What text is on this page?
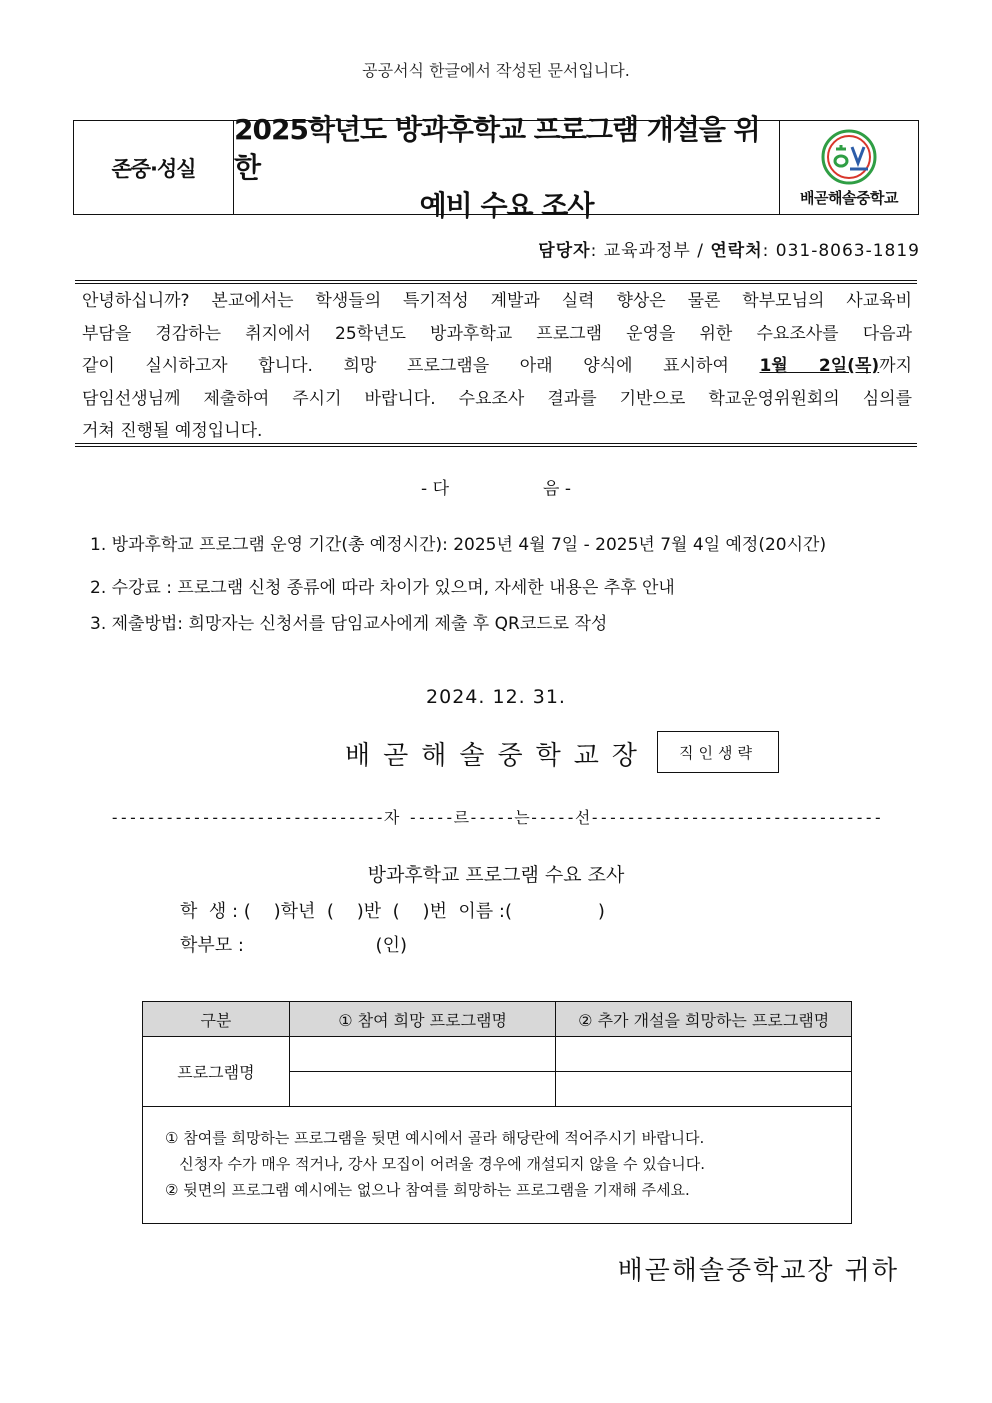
공공서식 한글에서 작성된 문서입니다.
존중·성실
2025학년도 방과후학교 프로그램 개설을 위한
예비 수요 조사	배곧해솔중학교
담당자: 교육과정부 / 연락처: 031-8063-1819

안녕하십니까? 본교에서는 학생들의 특기적성 계발과 실력 향상은 물론 학부모님의 사교육비

부담을 경감하는 취지에서 25학년도 방과후학교 프로그램 운영을 위한 수요조사를 다음과

같이 실시하고자 합니다. 희망 프로그램을 아래 양식에 표시하여 1월 2일(목)까지

담임선생님께 제출하여 주시기 바랍니다. 수요조사 결과를 기반으로 학교운영위원회의 심의를

거쳐 진행될 예정입니다.

- 다	음 -
1. 방과후학교 프로그램 운영 기간(총 예정시간): 2025년 4월 7일 - 2025년 7월 4일 예정(20시간)
2. 수강료 : 프로그램 신청 종류에 따라 차이가 있으며, 자세한 내용은 추후 안내
3. 제출방법: 희망자는 신청서를 담임교사에게 제출 후 QR코드로 작성
2024. 12. 31.
배곧해솔중학교장	직인생략
------------------------------자 -----르-----는-----선--------------------------------
방과후학교 프로그램 수요 조사
학  생 : (    )학년  (    )반  (    )번  이름 :(               )
학부모 :                       (인)
구분	① 참여 희망 프로그램명	② 추가 개설을 희망하는 프로그램명
프로그램명		

① 참여를 희망하는 프로그램을 뒷면 예시에서 골라 해당란에 적어주시기 바랍니다.
신청자 수가 매우 적거나, 강사 모집이 어려울 경우에 개설되지 않을 수 있습니다.
② 뒷면의 프로그램 예시에는 없으나 참여를 희망하는 프로그램을 기재해 주세요.		
배곧해솔중학교장 귀하
